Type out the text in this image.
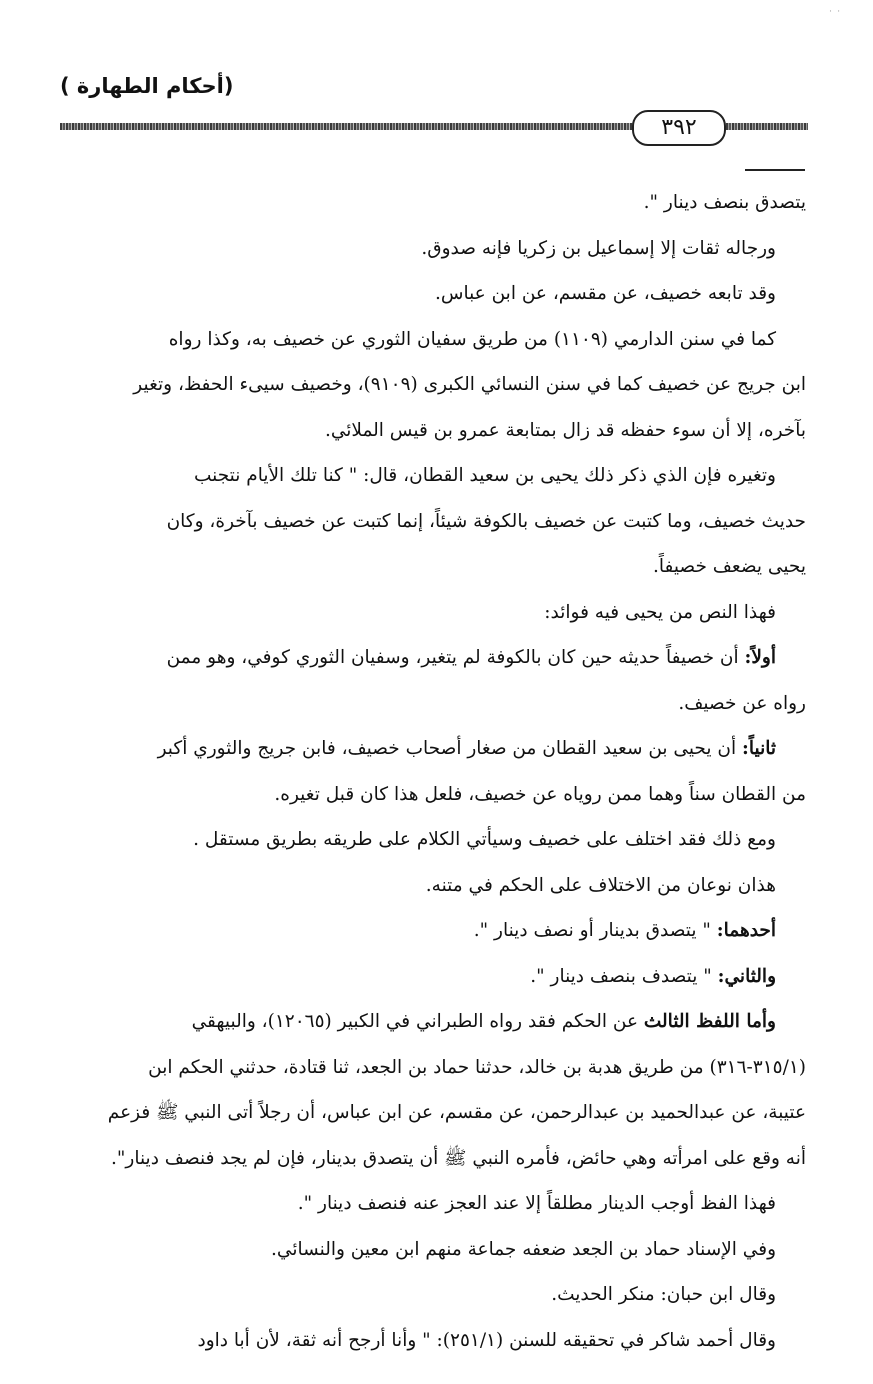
˙ ˙
(أحكام الطهارة )
٣٩٢
يتصدق بنصف دينار ".
ورجاله ثقات إلا إسماعيل بن زكريا فإنه صدوق.
وقد تابعه خصيف، عن مقسم، عن ابن عباس.
كما في سنن الدارمي (١١٠٩) من طريق سفيان الثوري عن خصيف به، وكذا رواه
ابن جريج عن خصيف كما في سنن النسائي الكبرى (٩١٠٩)، وخصيف سيىء الحفظ، وتغير
بآخره، إلا أن سوء حفظه قد زال بمتابعة عمرو بن قيس الملائي.
وتغيره فإن الذي ذكر ذلك يحيى بن سعيد القطان، قال: " كنا تلك الأيام نتجنب
حديث خصيف، وما كتبت عن خصيف بالكوفة شيئاً، إنما كتبت عن خصيف بآخرة، وكان
يحيى يضعف خصيفاً.
فهذا النص من يحيى فيه فوائد:
أولاً: أن خصيفاً حديثه حين كان بالكوفة لم يتغير، وسفيان الثوري كوفي، وهو ممن
رواه عن خصيف.
ثانياً: أن يحيى بن سعيد القطان من صغار أصحاب خصيف، فابن جريج والثوري أكبر
من القطان سناً وهما ممن روياه عن خصيف، فلعل هذا كان قبل تغيره.
ومع ذلك فقد اختلف على خصيف وسيأتي الكلام على طريقه بطريق مستقل .
هذان نوعان من الاختلاف على الحكم في متنه.
أحدهما: " يتصدق بدينار أو نصف دينار ".
والثاني: " يتصدف بنصف دينار ".
وأما اللفظ الثالث عن الحكم فقد رواه الطبراني في الكبير (١٢٠٦٥)، والبيهقي
(٣١٥/١-٣١٦) من طريق هدبة بن خالد، حدثنا حماد بن الجعد، ثنا قتادة، حدثني الحكم ابن
عتيبة، عن عبدالحميد بن عبدالرحمن، عن مقسم، عن ابن عباس، أن رجلاً أتى النبي ﷺ فزعم
أنه وقع على امرأته وهي حائض، فأمره النبي ﷺ أن يتصدق بدينار، فإن لم يجد فنصف دينار".
فهذا الفظ أوجب الدينار مطلقاً إلا عند العجز عنه فنصف دينار ".
وفي الإسناد حماد بن الجعد ضعفه جماعة منهم ابن معين والنسائي.
وقال ابن حبان: منكر الحديث.
وقال أحمد شاكر في تحقيقه للسنن (٢٥١/١): " وأنا أرجح أنه ثقة، لأن أبا داود
